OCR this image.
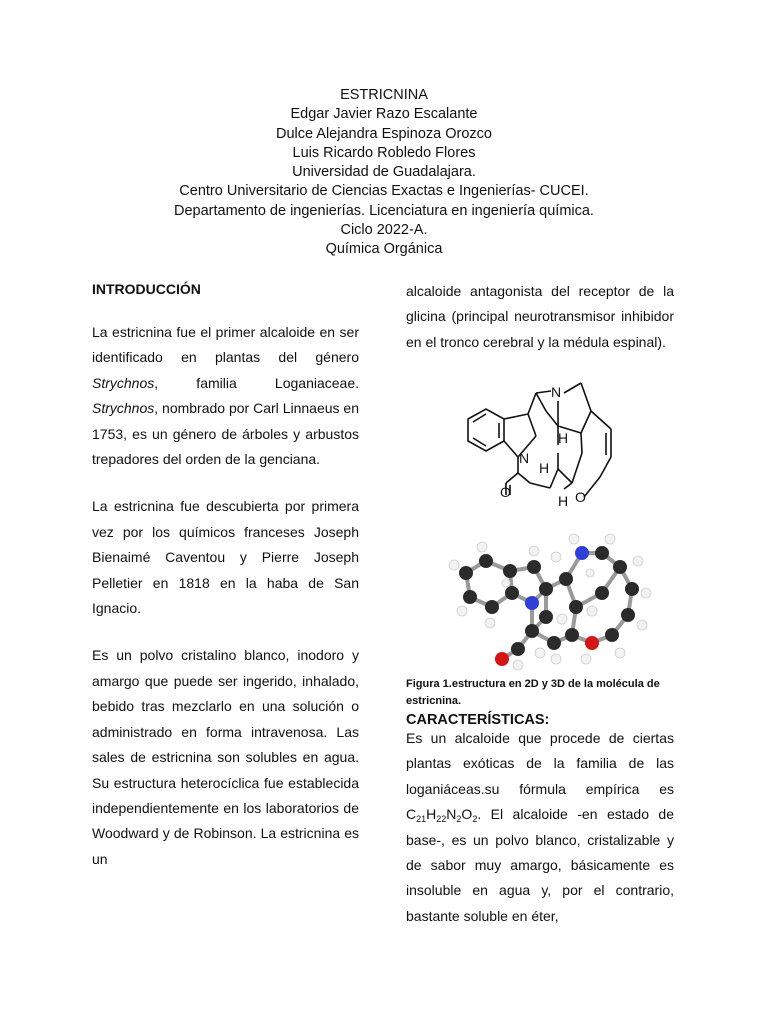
ESTRICNINA
Edgar Javier Razo Escalante
Dulce Alejandra Espinoza Orozco
Luis Ricardo Robledo Flores
Universidad de Guadalajara.
Centro Universitario de Ciencias Exactas e Ingenierías- CUCEI.
Departamento de ingenierías. Licenciatura en ingeniería química.
Ciclo 2022-A.
Química Orgánica
INTRODUCCIÓN

La estricnina fue el primer alcaloide en ser identificado en plantas del género Strychnos, familia Loganiaceae. Strychnos, nombrado por Carl Linnaeus en 1753, es un género de árboles y arbustos trepadores del orden de la genciana.

La estricnina fue descubierta por primera vez por los químicos franceses Joseph Bienaimé Caventou y Pierre Joseph Pelletier en 1818 en la haba de San Ignacio.

Es un polvo cristalino blanco, inodoro y amargo que puede ser ingerido, inhalado, bebido tras mezclarlo en una solución o administrado en forma intravenosa. Las sales de estricnina son solubles en agua. Su estructura heterocíclica fue establecida independientemente en los laboratorios de Woodward y de Robinson. La estricnina es un

alcaloide antagonista del receptor de la glicina (principal neurotransmisor inhibidor en el tronco cerebral y la médula espinal).

N
N
O	O
H
H
H
Figura 1.estructura en 2D y 3D de la molécula de estricnina.
CARACTERÍSTICAS:

Es un alcaloide que procede de ciertas plantas exóticas de la familia de las loganiáceas.su fórmula empírica es $C_{21}H_{22}N_2O_2$. El alcaloide -en estado de base-, es un polvo blanco, cristalizable y de sabor muy amargo, básicamente es insoluble en agua y, por el contrario, bastante soluble en éter,
